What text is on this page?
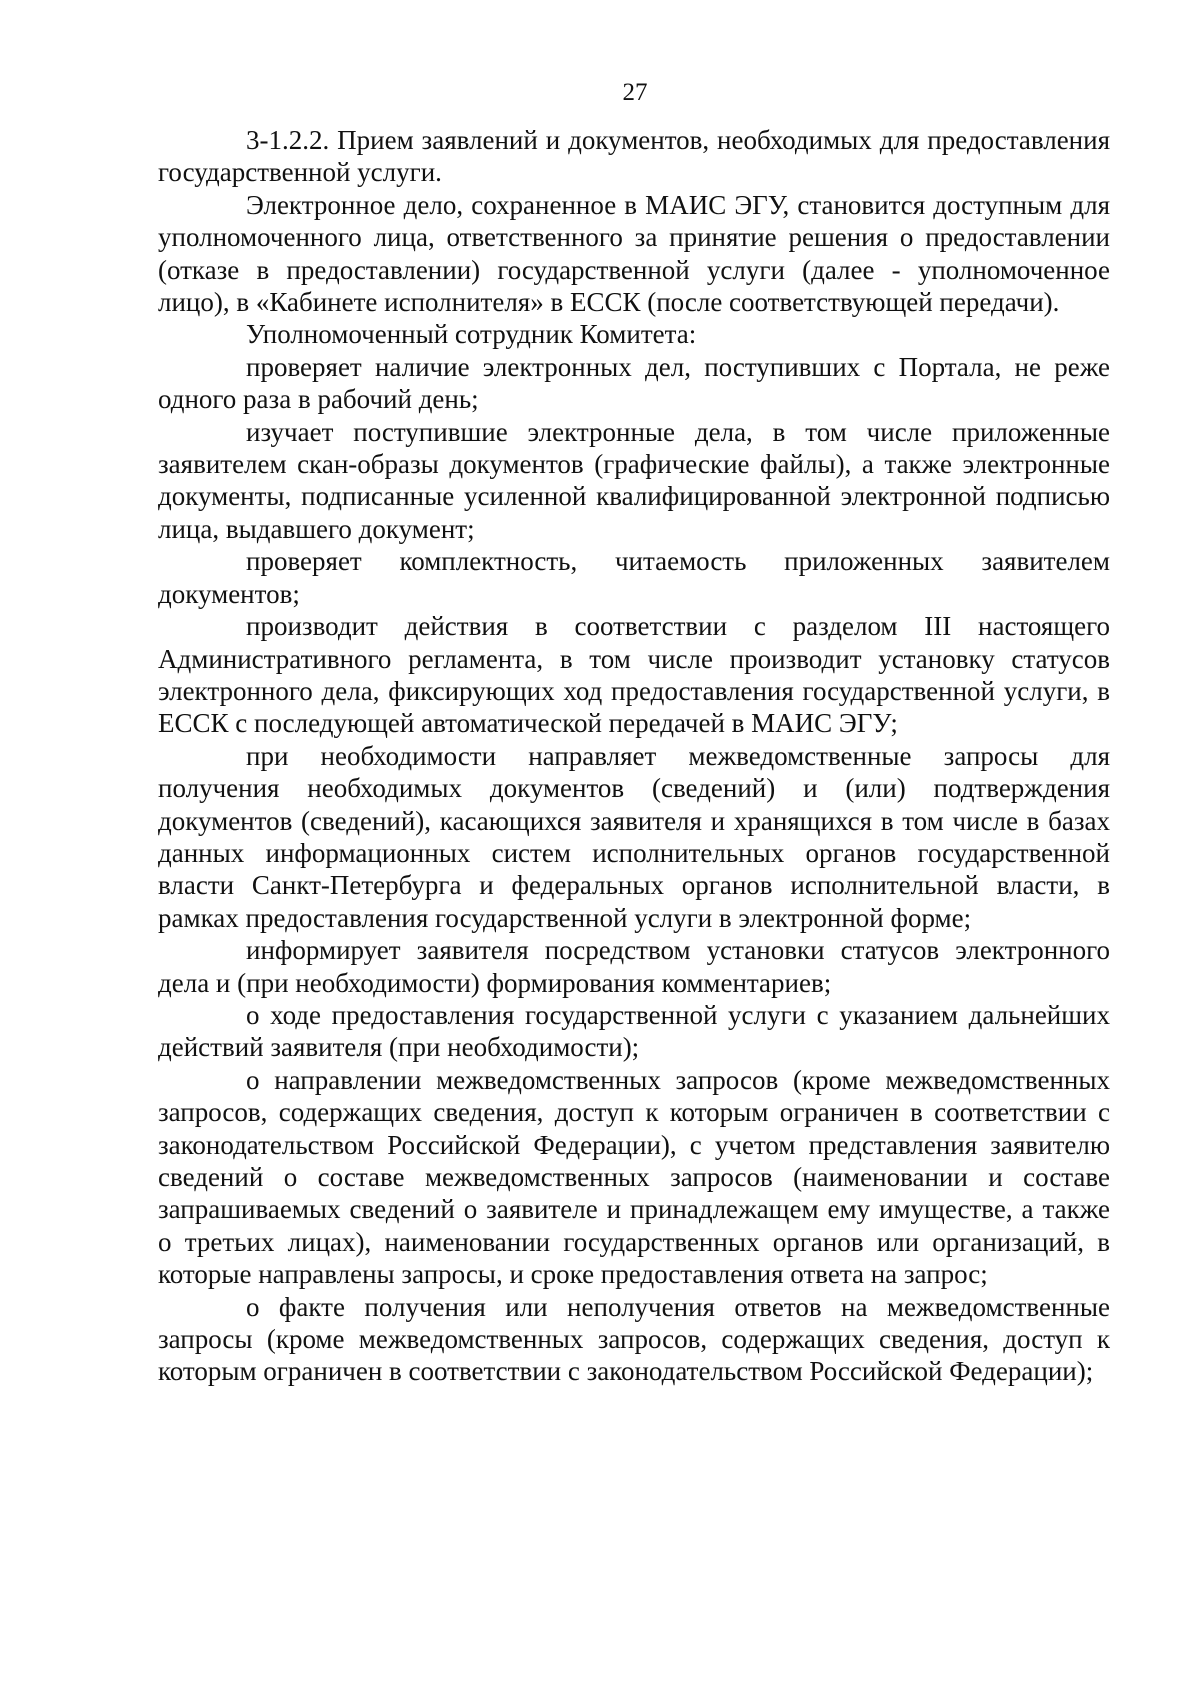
27

3-1.2.2. Прием заявлений и документов, необходимых для предоставления государственной услуги.

Электронное дело, сохраненное в МАИС ЭГУ, становится доступным для уполномоченного лица, ответственного за принятие решения о предоставлении (отказе в предоставлении) государственной услуги (далее - уполномоченное лицо), в «Кабинете исполнителя» в ЕССК (после соответствующей передачи).

Уполномоченный сотрудник Комитета:

проверяет наличие электронных дел, поступивших с Портала, не реже одного раза в рабочий день;

изучает поступившие электронные дела, в том числе приложенные заявителем скан-образы документов (графические файлы), а также электронные документы, подписанные усиленной квалифицированной электронной подписью лица, выдавшего документ;

проверяет комплектность, читаемость приложенных заявителем документов;

производит действия в соответствии с разделом III настоящего Административного регламента, в том числе производит установку статусов электронного дела, фиксирующих ход предоставления государственной услуги, в ЕССК с последующей автоматической передачей в МАИС ЭГУ;

при необходимости направляет межведомственные запросы для получения необходимых документов (сведений) и (или) подтверждения документов (сведений), касающихся заявителя и хранящихся в том числе в базах данных информационных систем исполнительных органов государственной власти Санкт-Петербурга и федеральных органов исполнительной власти, в рамках предоставления государственной услуги в электронной форме;

информирует заявителя посредством установки статусов электронного дела и (при необходимости) формирования комментариев;

о ходе предоставления государственной услуги с указанием дальнейших действий заявителя (при необходимости);

о направлении межведомственных запросов (кроме межведомственных запросов, содержащих сведения, доступ к которым ограничен в соответствии с законодательством Российской Федерации), с учетом представления заявителю сведений о составе межведомственных запросов (наименовании и составе запрашиваемых сведений о заявителе и принадлежащем ему имуществе, а также о третьих лицах), наименовании государственных органов или организаций, в которые направлены запросы, и сроке предоставления ответа на запрос;

о факте получения или неполучения ответов на межведомственные запросы (кроме межведомственных запросов, содержащих сведения, доступ к которым ограничен в соответствии с законодательством Российской Федерации);
